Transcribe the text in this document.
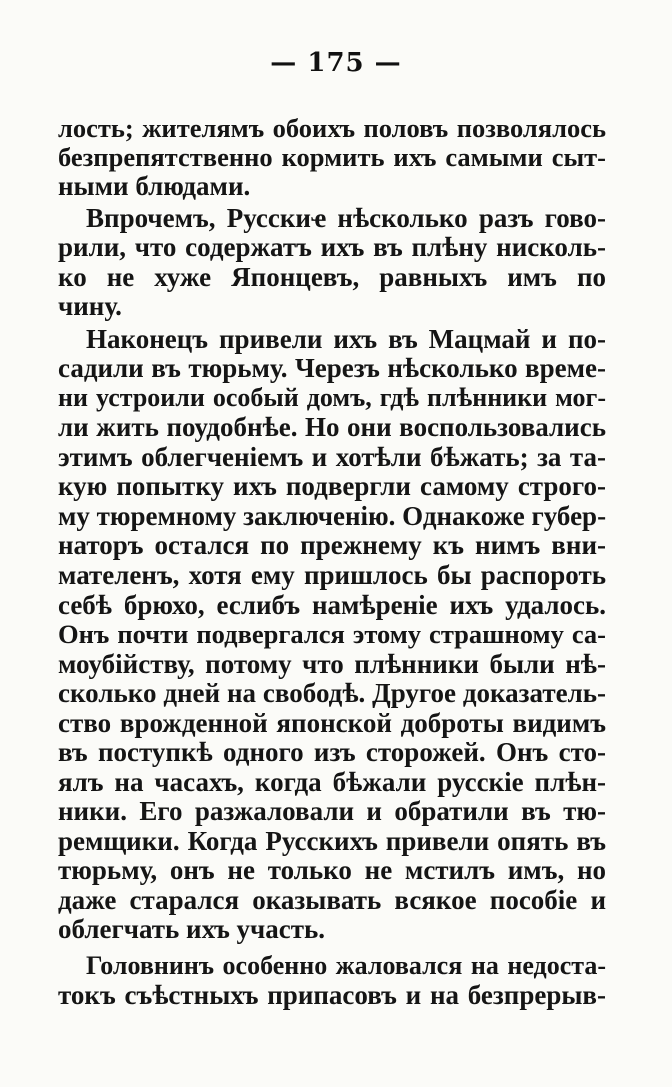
— 175 —
лость; жителямъ обоихъ половъ позволялось
безпрепятственно кормить ихъ самыми сыт-
ными блюдами.
Впрочемъ, Русскиҽ нѣсколько разъ гово-
рили, что содержатъ ихъ въ плѣну нисколь-
ко не хуже Японцевъ, равныхъ имъ по
чину.
Наконецъ привели ихъ въ Мацмай и по-
садили въ тюрьму. Черезъ нѣсколько време-
ни устроили особый домъ, гдѣ плѣнники мог-
ли жить поудобнѣе. Но они воспользовались
этимъ облегченіемъ и хотѣли бѣжать; за та-
кую попытку ихъ подвергли самому строго-
му тюремному заключенію. Однакоже губер-
наторъ остался по прежнему къ нимъ вни-
мателенъ, хотя ему пришлось бы распороть
себѣ брюхо, еслибъ намѣреніе ихъ удалось.
Онъ почти подвергался этому страшному са-
моубійству, потому что плѣнники были нѣ-
сколько дней на свободѣ. Другое доказатель-
ство врожденной японской доброты видимъ
въ поступкѣ одного изъ сторожей. Онъ сто-
ялъ на часахъ, когда бѣжали русскіе плѣн-
ники. Его разжаловали и обратили въ тю-
ремщики. Когда Русскихъ привели опять въ
тюрьму, онъ не только не мстилъ имъ, но
даже старался оказывать всякое пособіе и
облегчать ихъ участь.
Головнинъ особенно жаловался на недоста-
токъ съѣстныхъ припасовъ и на безпрерыв-
